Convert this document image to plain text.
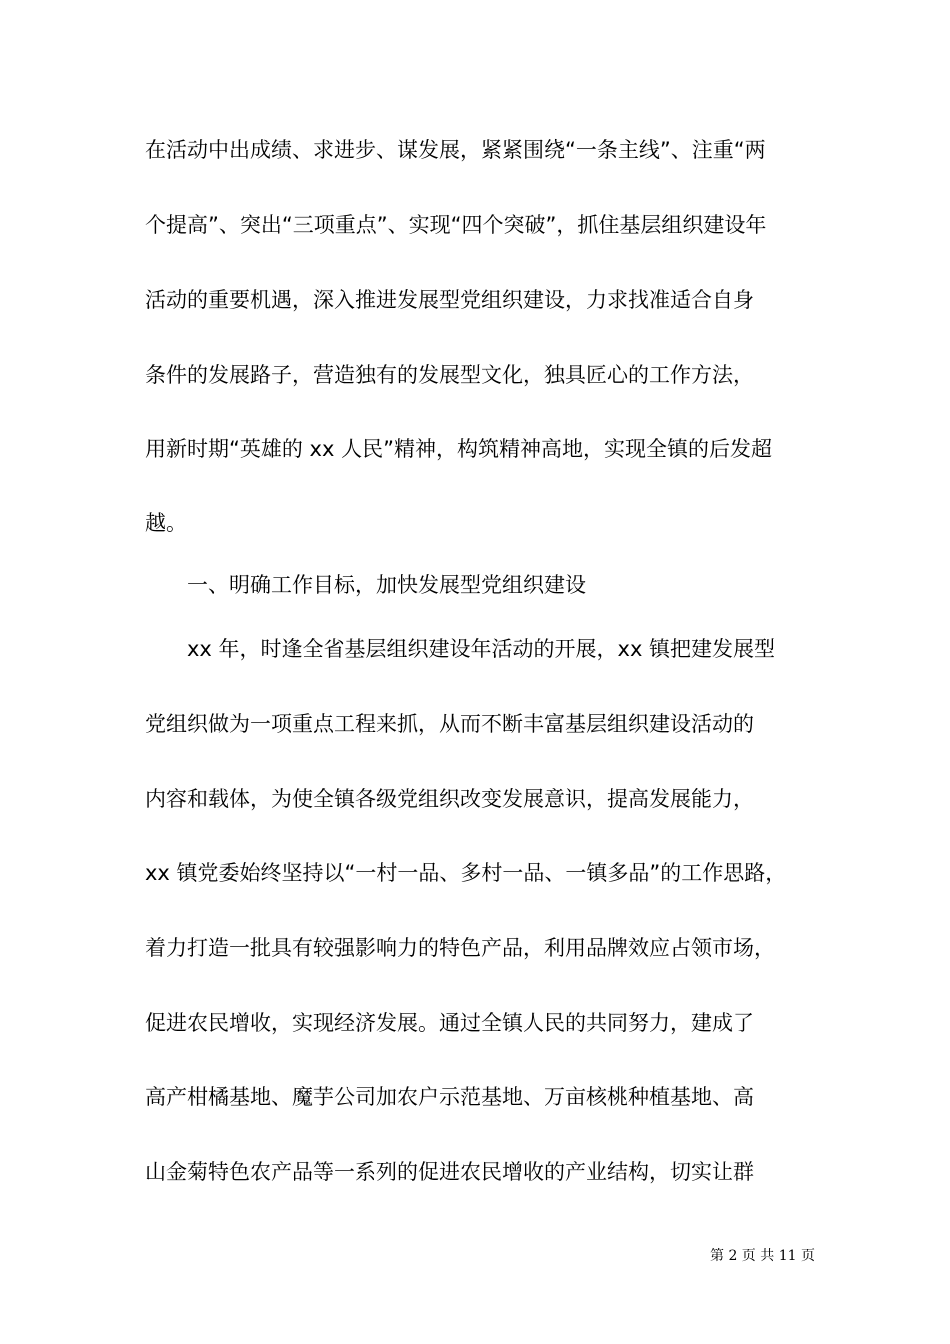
在活动中出成绩、求进步、谋发展，紧紧围绕“一条主线”、注重“两
个提高”、突出“三项重点”、实现“四个突破”，抓住基层组织建设年
活动的重要机遇，深入推进发展型党组织建设，力求找准适合自身
条件的发展路子，营造独有的发展型文化，独具匠心的工作方法，
用新时期“英雄的 xx 人民”精神，构筑精神高地，实现全镇的后发超
越。
一、明确工作目标，加快发展型党组织建设
xx 年，时逢全省基层组织建设年活动的开展，xx 镇把建发展型
党组织做为一项重点工程来抓，从而不断丰富基层组织建设活动的
内容和载体，为使全镇各级党组织改变发展意识，提高发展能力，
xx 镇党委始终坚持以“一村一品、多村一品、一镇多品”的工作思路，
着力打造一批具有较强影响力的特色产品，利用品牌效应占领市场，
促进农民增收，实现经济发展。通过全镇人民的共同努力，建成了
高产柑橘基地、魔芋公司加农户示范基地、万亩核桃种植基地、高
山金菊特色农产品等一系列的促进农民增收的产业结构，切实让群
第 2 页 共 11 页
